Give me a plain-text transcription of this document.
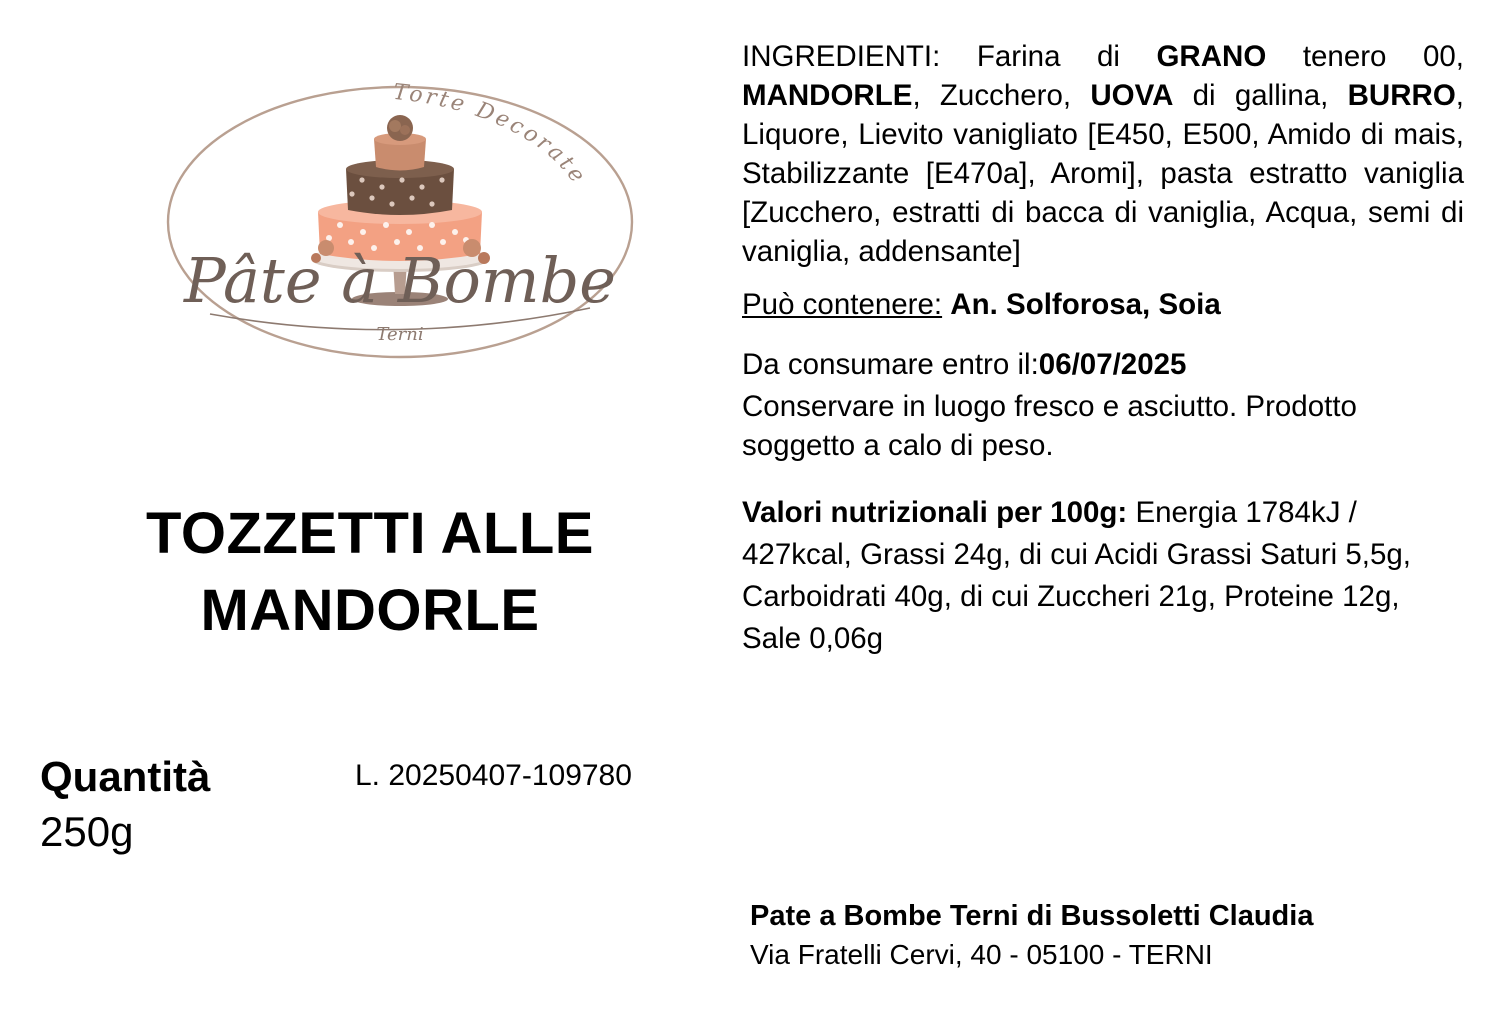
Torte Decorate
Pâte à Bombe
Terni
TOZZETTI ALLE MANDORLE
Quantità
250g
L. 20250407-109780

INGREDIENTI: Farina di GRANO tenero 00, MANDORLE, Zucchero, UOVA di gallina, BURRO, Liquore, Lievito vanigliato [E450, E500, Amido di mais, Stabilizzante [E470a], Aromi], pasta estratto vaniglia [Zucchero, estratti di bacca di vaniglia, Acqua, semi di vaniglia, addensante]

Può contenere: An. Solforosa, Soia
Da consumare entro il:06/07/2025
Conservare in luogo fresco e asciutto. Prodotto soggetto a calo di peso.
Valori nutrizionali per 100g: Energia 1784kJ / 427kcal, Grassi 24g, di cui Acidi Grassi Saturi 5,5g, Carboidrati 40g, di cui Zuccheri 21g, Proteine 12g, Sale 0,06g
Pate a Bombe Terni di Bussoletti Claudia
Via Fratelli Cervi, 40 - 05100 - TERNI
